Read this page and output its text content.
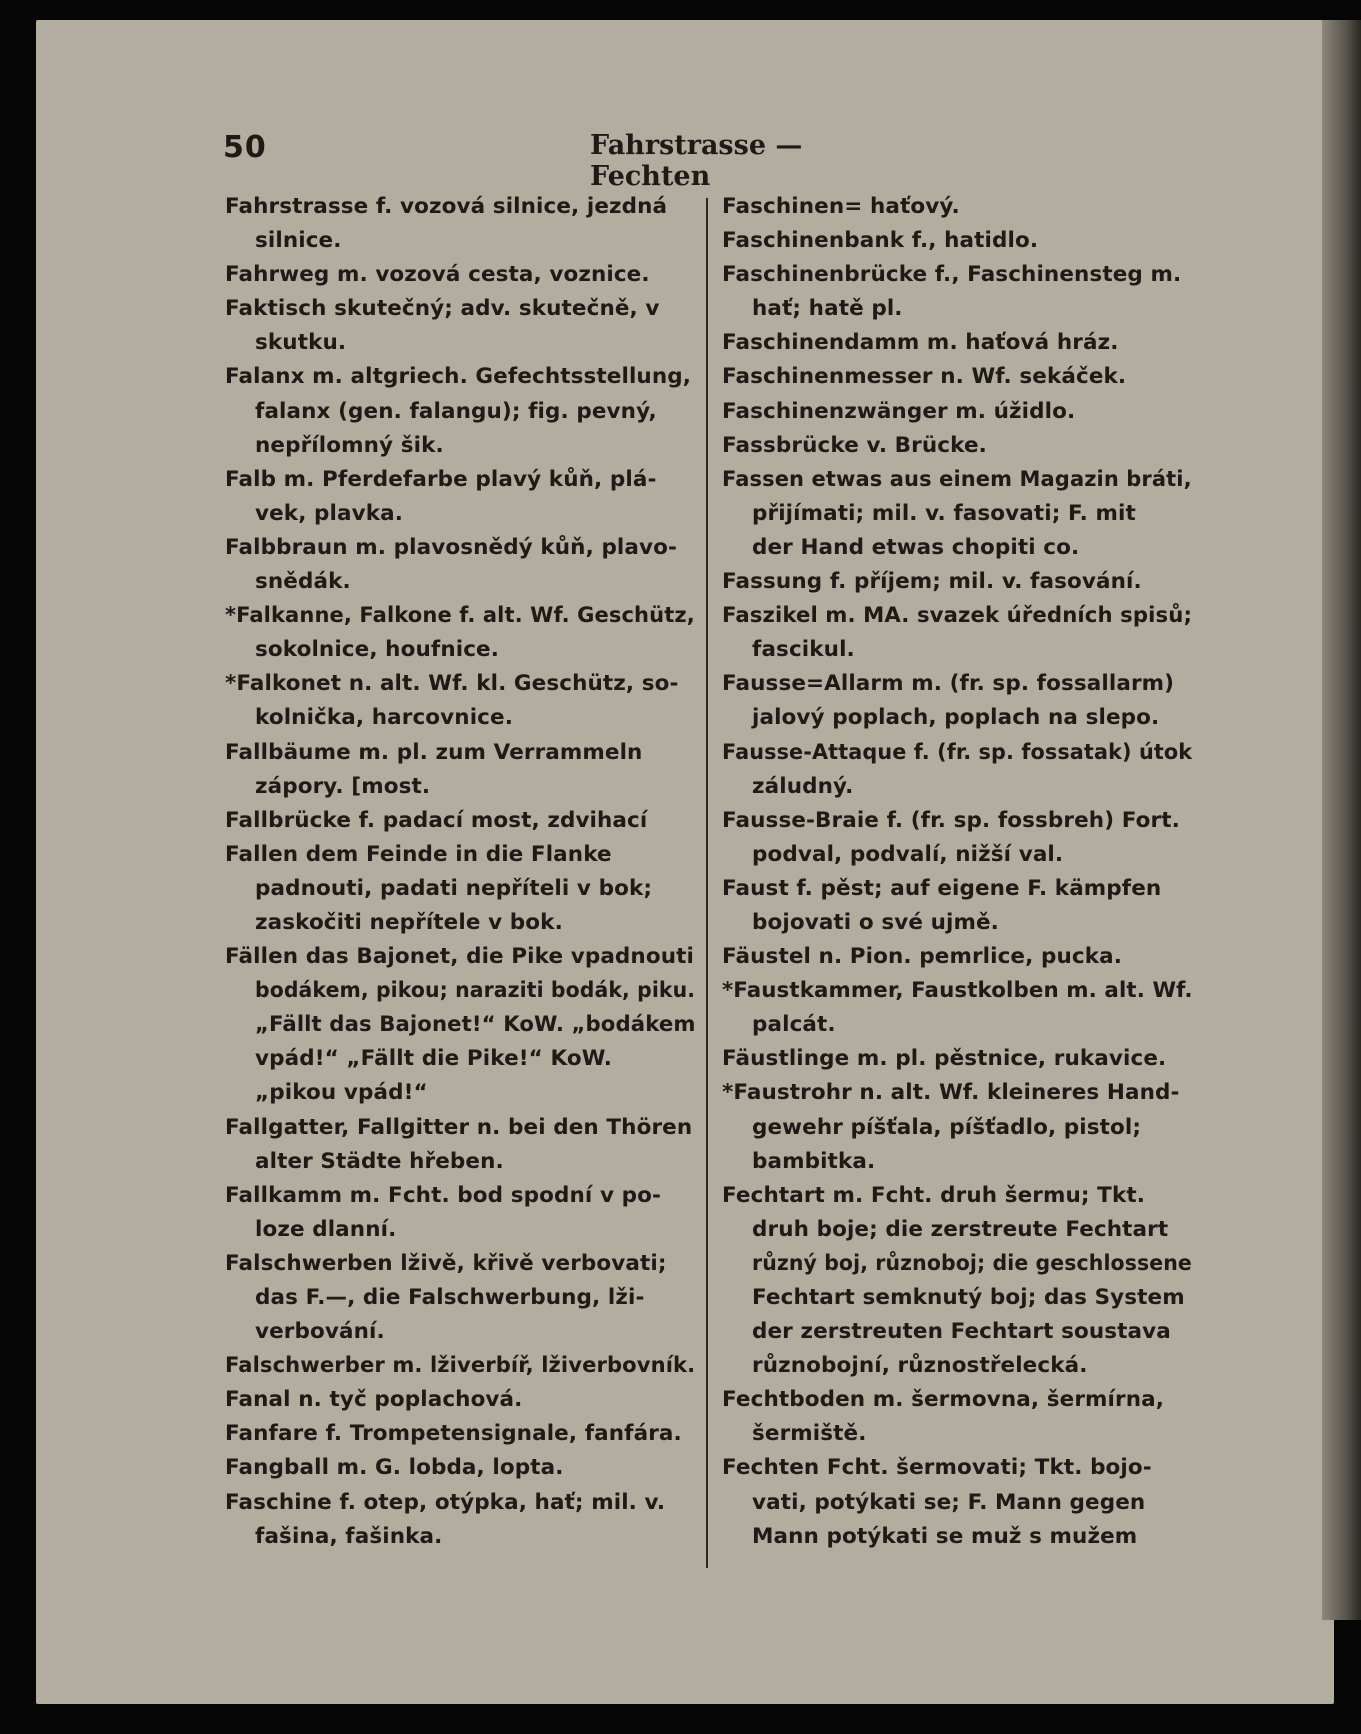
50	Fahrstrasse — Fechten
Fahrstrasse f. vozová silnice, jezdná
silnice.
Fahrweg m. vozová cesta, voznice.
Faktisch skutečný; adv. skutečně, v
skutku.
Falanx m. altgriech. Gefechtsstellung,
falanx (gen. falangu); fig. pevný,
nepřílomný šik.
Falb m. Pferdefarbe plavý kůň, plá-
vek, plavka.
Falbbraun m. plavosnědý kůň, plavo-
snědák.
*Falkanne, Falkone f. alt. Wf. Geschütz,
sokolnice, houfnice.
*Falkonet n. alt. Wf. kl. Geschütz, so-
kolnička, harcovnice.
Fallbäume m. pl. zum Verrammeln
zápory. [most.
Fallbrücke f. padací most, zdvihací
Fallen dem Feinde in die Flanke
padnouti, padati nepříteli v bok;
zaskočiti nepřítele v bok.
Fällen das Bajonet, die Pike vpadnouti
bodákem, pikou; naraziti bodák, piku.
„Fällt das Bajonet!“ KoW. „bodákem
vpád!“ „Fällt die Pike!“ KoW.
„pikou vpád!“
Fallgatter, Fallgitter n. bei den Thören
alter Städte hřeben.
Fallkamm m. Fcht. bod spodní v po-
loze dlanní.
Falschwerben lživě, křivě verbovati;
das F.—, die Falschwerbung, lži-
verbování.
Falschwerber m. lživerbíř, lživerbovník.
Fanal n. tyč poplachová.
Fanfare f. Trompetensignale, fanfára.
Fangball m. G. lobda, lopta.
Faschine f. otep, otýpka, hať; mil. v.
fašina, fašinka.
Faschinen= haťový.
Faschinenbank f., hatidlo.
Faschinenbrücke f., Faschinensteg m.
hať; hatě pl.
Faschinendamm m. haťová hráz.
Faschinenmesser n. Wf. sekáček.
Faschinenzwänger m. úžidlo.
Fassbrücke v. Brücke.
Fassen etwas aus einem Magazin bráti,
přijímati; mil. v. fasovati; F. mit
der Hand etwas chopiti co.
Fassung f. příjem; mil. v. fasování.
Faszikel m. MA. svazek úředních spisů;
fascikul.
Fausse=Allarm m. (fr. sp. fossallarm)
jalový poplach, poplach na slepo.
Fausse-Attaque f. (fr. sp. fossatak) útok
záludný.
Fausse-Braie f. (fr. sp. fossbreh) Fort.
podval, podvalí, nižší val.
Faust f. pěst; auf eigene F. kämpfen
bojovati o své ujmě.
Fäustel n. Pion. pemrlice, pucka.
*Faustkammer, Faustkolben m. alt. Wf.
palcát.
Fäustlinge m. pl. pěstnice, rukavice.
*Faustrohr n. alt. Wf. kleineres Hand-
gewehr píšťala, píšťadlo, pistol;
bambitka.
Fechtart m. Fcht. druh šermu; Tkt.
druh boje; die zerstreute Fechtart
různý boj, různoboj; die geschlossene
Fechtart semknutý boj; das System
der zerstreuten Fechtart soustava
různobojní, různostřelecká.
Fechtboden m. šermovna, šermírna,
šermiště.
Fechten Fcht. šermovati; Tkt. bojo-
vati, potýkati se; F. Mann gegen
Mann potýkati se muž s mužem
